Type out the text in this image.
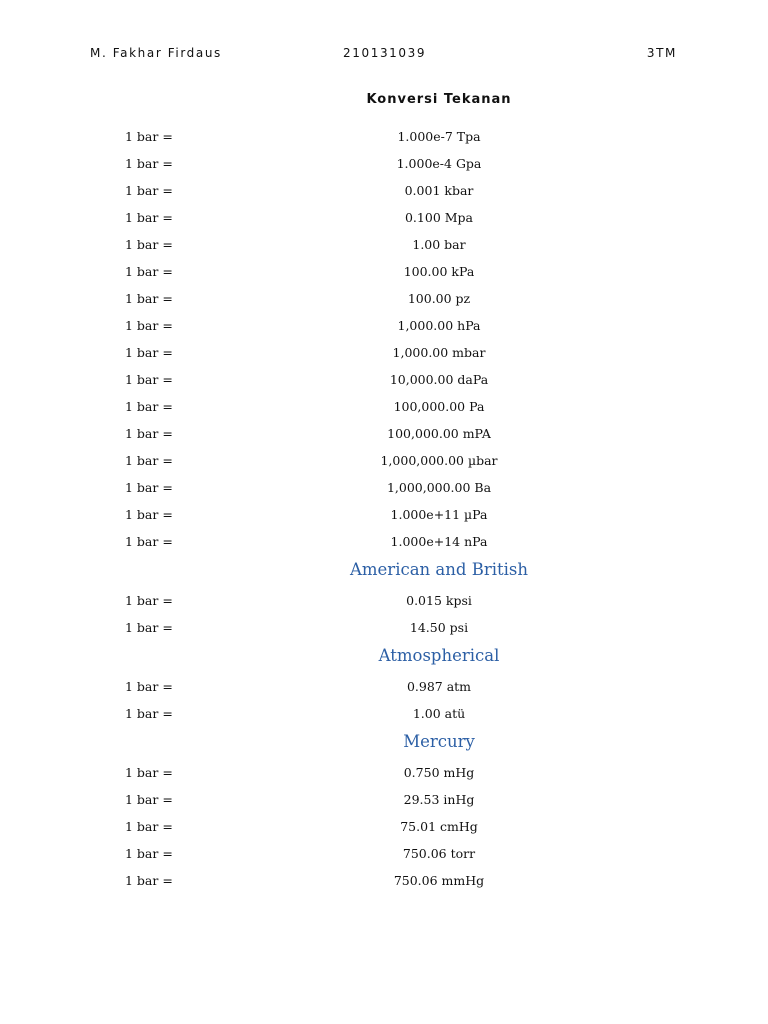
M. Fakhar Firdaus	210131039	3TM
Konversi Tekanan
1 bar =	1.000e-7 Tpa
1 bar =	1.000e-4 Gpa
1 bar =	0.001 kbar
1 bar =	0.100 Mpa
1 bar =	1.00 bar
1 bar =	100.00 kPa
1 bar =	100.00 pz
1 bar =	1,000.00 hPa
1 bar =	1,000.00 mbar
1 bar =	10,000.00 daPa
1 bar =	100,000.00 Pa
1 bar =	100,000.00 mPA
1 bar =	1,000,000.00 µbar
1 bar =	1,000,000.00 Ba
1 bar =	1.000e+11 µPa
1 bar =	1.000e+14 nPa
American and British
1 bar =	0.015 kpsi
1 bar =	14.50 psi
Atmospherical
1 bar =	0.987 atm
1 bar =	1.00 atü
Mercury
1 bar =	0.750 mHg
1 bar =	29.53 inHg
1 bar =	75.01 cmHg
1 bar =	750.06 torr
1 bar =	750.06 mmHg
